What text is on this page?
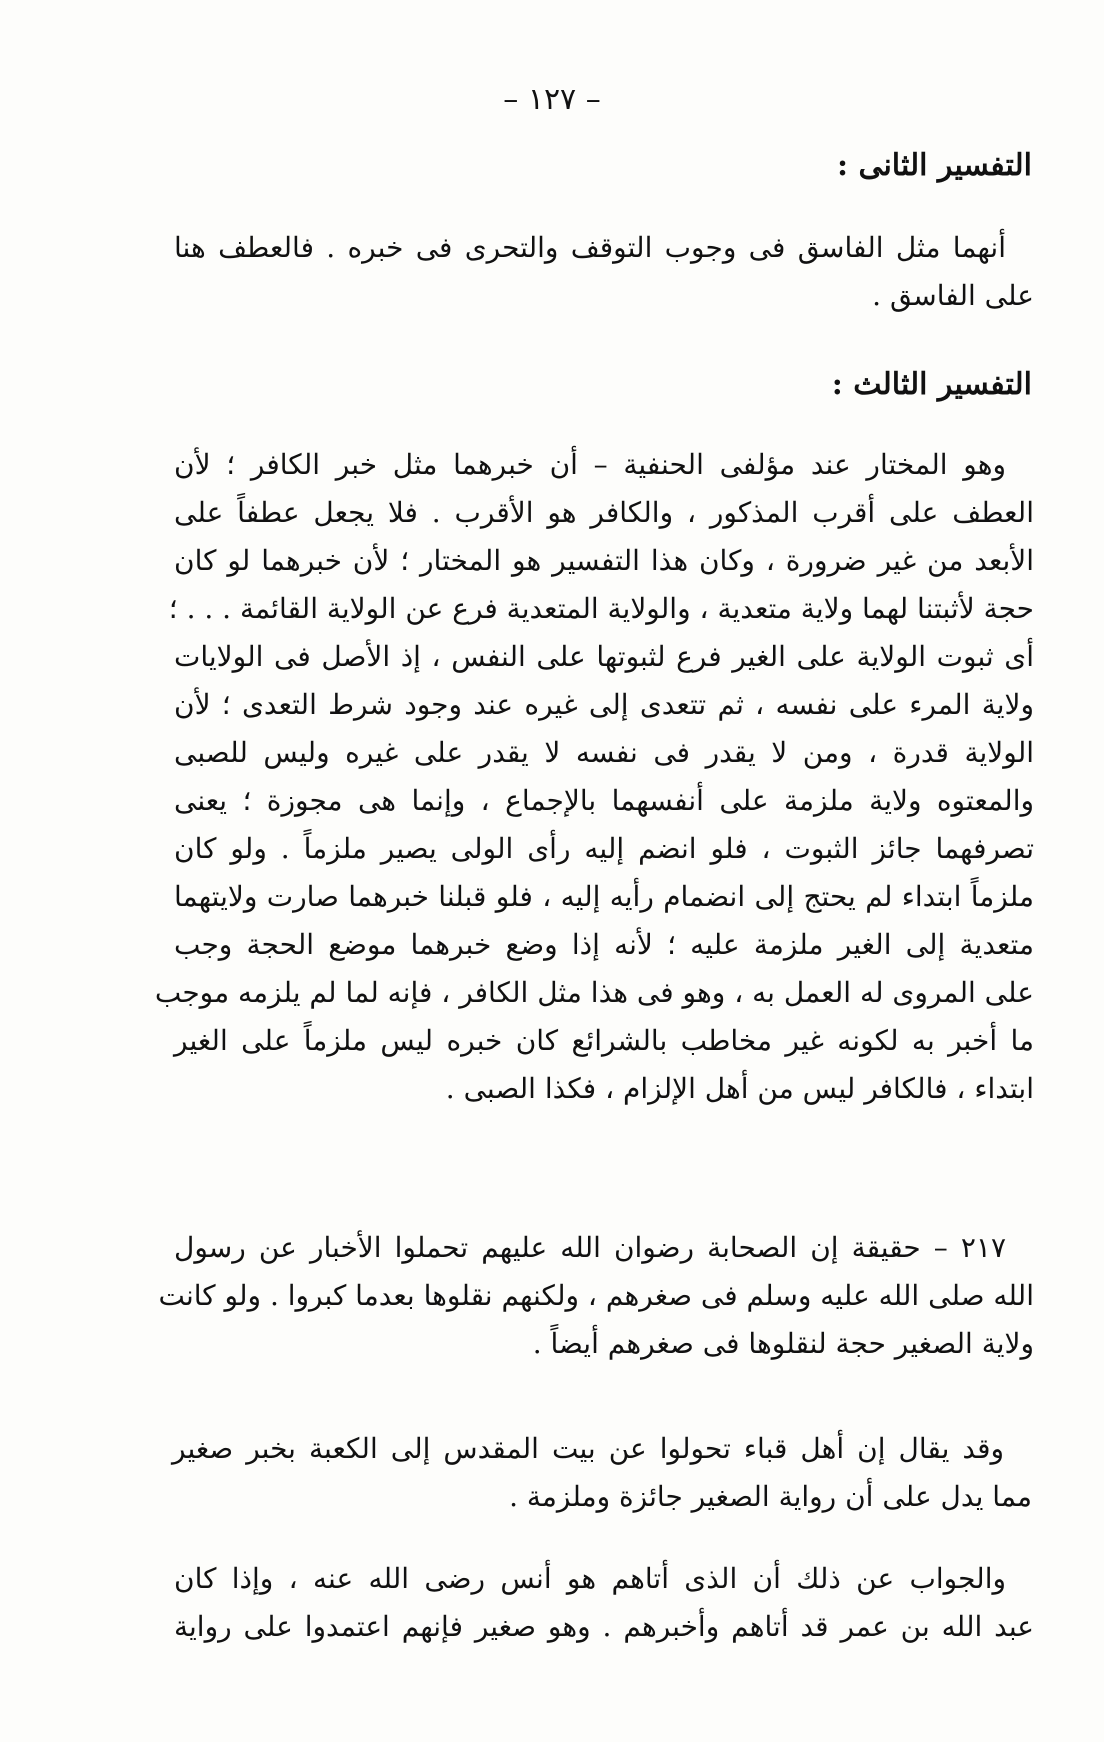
– ١٢٧ –
التفسير الثانى :
أنهما مثل الفاسق فى وجوب التوقف والتحرى فى خبره . فالعطف هنا
على الفاسق .
التفسير الثالث :
وهو المختار عند مؤلفى الحنفية – أن خبرهما مثل خبر الكافر ؛ لأن
العطف على أقرب المذكور ، والكافر هو الأقرب . فلا يجعل عطفاً على
الأبعد من غير ضرورة ، وكان هذا التفسير هو المختار ؛ لأن خبرهما لو كان
حجة لأثبتنا لهما ولاية متعدية ، والولاية المتعدية فرع عن الولاية القائمة . . . ؛
أى ثبوت الولاية على الغير فرع لثبوتها على النفس ، إذ الأصل فى الولايات
ولاية المرء على نفسه ، ثم تتعدى إلى غيره عند وجود شرط التعدى ؛ لأن
الولاية قدرة ، ومن لا يقدر فى نفسه لا يقدر على غيره وليس للصبى
والمعتوه ولاية ملزمة على أنفسهما بالإجماع ، وإنما هى مجوزة ؛ يعنى
تصرفهما جائز الثبوت ، فلو انضم إليه رأى الولى يصير ملزماً . ولو كان
ملزماً ابتداء لم يحتج إلى انضمام رأيه إليه ، فلو قبلنا خبرهما صارت ولايتهما
متعدية إلى الغير ملزمة عليه ؛ لأنه إذا وضع خبرهما موضع الحجة وجب
على المروى له العمل به ، وهو فى هذا مثل الكافر ، فإنه لما لم يلزمه موجب
ما أخبر به لكونه غير مخاطب بالشرائع كان خبره ليس ملزماً على الغير
ابتداء ، فالكافر ليس من أهل الإلزام ، فكذا الصبى .
٢١٧ – حقيقة إن الصحابة رضوان الله عليهم تحملوا الأخبار عن رسول
الله صلى الله عليه وسلم فى صغرهم ، ولكنهم نقلوها بعدما كبروا . ولو كانت
ولاية الصغير حجة لنقلوها فى صغرهم أيضاً .
وقد يقال إن أهل قباء تحولوا عن بيت المقدس إلى الكعبة بخبر صغير
مما يدل على أن رواية الصغير جائزة وملزمة .
والجواب عن ذلك أن الذى أتاهم هو أنس رضى الله عنه ، وإذا كان
عبد الله بن عمر قد أتاهم وأخبرهم . وهو صغير فإنهم اعتمدوا على رواية
